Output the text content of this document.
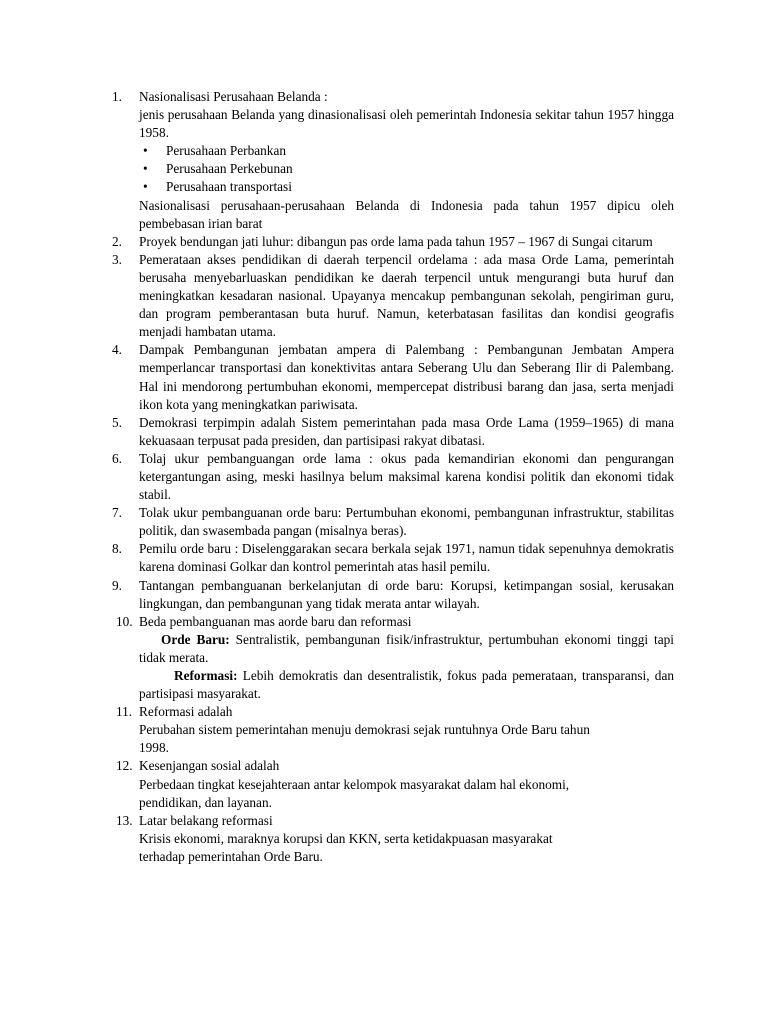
1.	Nasionalisasi Perusahaan Belanda :
jenis perusahaan Belanda yang dinasionalisasi oleh pemerintah Indonesia sekitar tahun 1957 hingga 1958.
• Perusahaan Perbankan
• Perusahaan Perkebunan
• Perusahaan transportasi
Nasionalisasi perusahaan-perusahaan Belanda di Indonesia pada tahun 1957 dipicu oleh pembebasan irian barat
2.	Proyek bendungan jati luhur: dibangun pas orde lama pada tahun 1957 – 1967 di Sungai citarum
3.	Pemerataan akses pendidikan di daerah terpencil ordelama : ada masa Orde Lama, pemerintah berusaha menyebarluaskan pendidikan ke daerah terpencil untuk mengurangi buta huruf dan meningkatkan kesadaran nasional. Upayanya mencakup pembangunan sekolah, pengiriman guru, dan program pemberantasan buta huruf. Namun, keterbatasan fasilitas dan kondisi geografis menjadi hambatan utama.
4.	Dampak Pembangunan jembatan ampera di Palembang : Pembangunan Jembatan Ampera memperlancar transportasi dan konektivitas antara Seberang Ulu dan Seberang Ilir di Palembang. Hal ini mendorong pertumbuhan ekonomi, mempercepat distribusi barang dan jasa, serta menjadi ikon kota yang meningkatkan pariwisata.
5.	Demokrasi terpimpin adalah Sistem pemerintahan pada masa Orde Lama (1959–1965) di mana kekuasaan terpusat pada presiden, dan partisipasi rakyat dibatasi.
6.	Tolaj ukur pembanguangan orde lama : okus pada kemandirian ekonomi dan pengurangan ketergantungan asing, meski hasilnya belum maksimal karena kondisi politik dan ekonomi tidak stabil.
7.	Tolak ukur pembanguanan orde baru: Pertumbuhan ekonomi, pembangunan infrastruktur, stabilitas politik, dan swasembada pangan (misalnya beras).
8.	Pemilu orde baru : Diselenggarakan secara berkala sejak 1971, namun tidak sepenuhnya demokratis karena dominasi Golkar dan kontrol pemerintah atas hasil pemilu.
9.	Tantangan pembanguanan berkelanjutan di orde baru: Korupsi, ketimpangan sosial, kerusakan lingkungan, dan pembangunan yang tidak merata antar wilayah.
10. Beda pembanguanan mas aorde baru dan reformasi
Orde Baru: Sentralistik, pembangunan fisik/infrastruktur, pertumbuhan ekonomi tinggi tapi tidak merata.
Reformasi: Lebih demokratis dan desentralistik, fokus pada pemerataan, transparansi, dan partisipasi masyarakat.
11. Reformasi adalah
Perubahan sistem pemerintahan menuju demokrasi sejak runtuhnya Orde Baru tahun
1998.
12. Kesenjangan sosial adalah
Perbedaan tingkat kesejahteraan antar kelompok masyarakat dalam hal ekonomi,
pendidikan, dan layanan.
13. Latar belakang reformasi
Krisis ekonomi, maraknya korupsi dan KKN, serta ketidakpuasan masyarakat
terhadap pemerintahan Orde Baru.
